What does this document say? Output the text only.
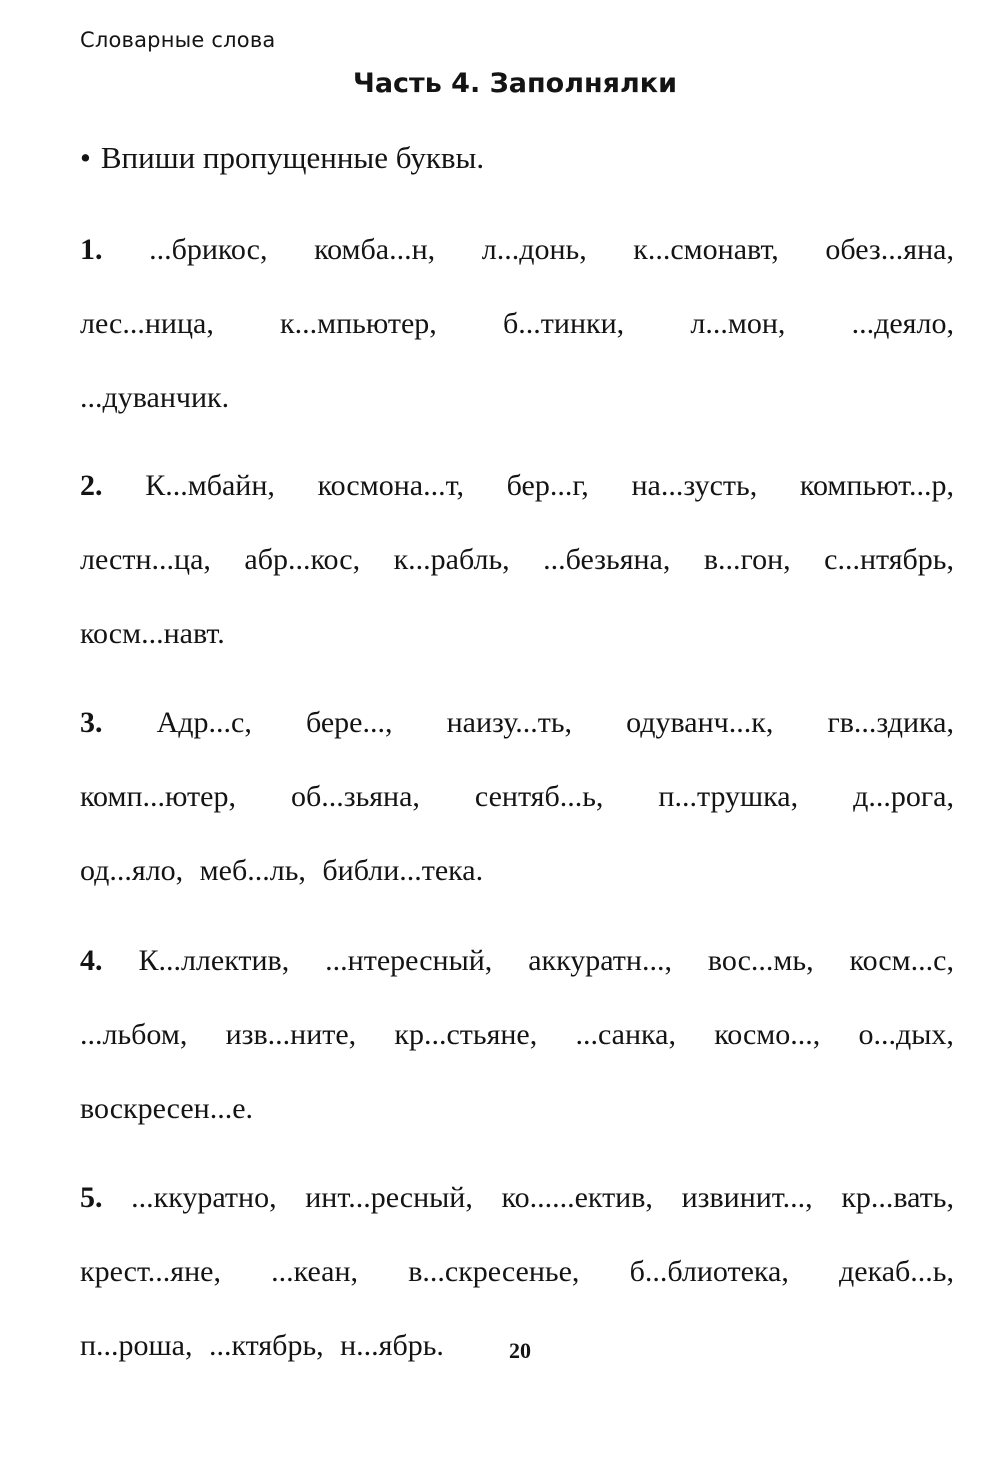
Словарные слова
Часть 4. Заполнялки
• Впиши пропущенные буквы.
1. ...брикос, комба...н, л...донь, к...смонавт, обез...яна,
лес...ница, к...мпьютер, б...тинки, л...мон, ...деяло,
...дуванчик.
2. К...мбайн, космона...т, бер...г, на...зусть, компьют...р,
лестн...ца, абр...кос, к...рабль, ...безьяна, в...гон, с...нтябрь,
косм...навт.
3. Адр...с, бере..., наизу...ть, одуванч...к, гв...здика,
комп...ютер, об...зьяна, сентяб...ь, п...трушка, д...рога,
од...яло, меб...ль, библи...тека.
4. К...ллектив, ...нтересный, аккуратн..., вос...мь, косм...с,
...льбом, изв...ните, кр...стьяне, ...санка, космо..., о...дых,
воскресен...е.
5. ...ккуратно, инт...ресный, ко......ектив, извинит..., кр...вать,
крест...яне, ...кеан, в...скресенье, б...блиотека, декаб...ь,
п...роша, ...ктябрь, н...ябрь.	20
